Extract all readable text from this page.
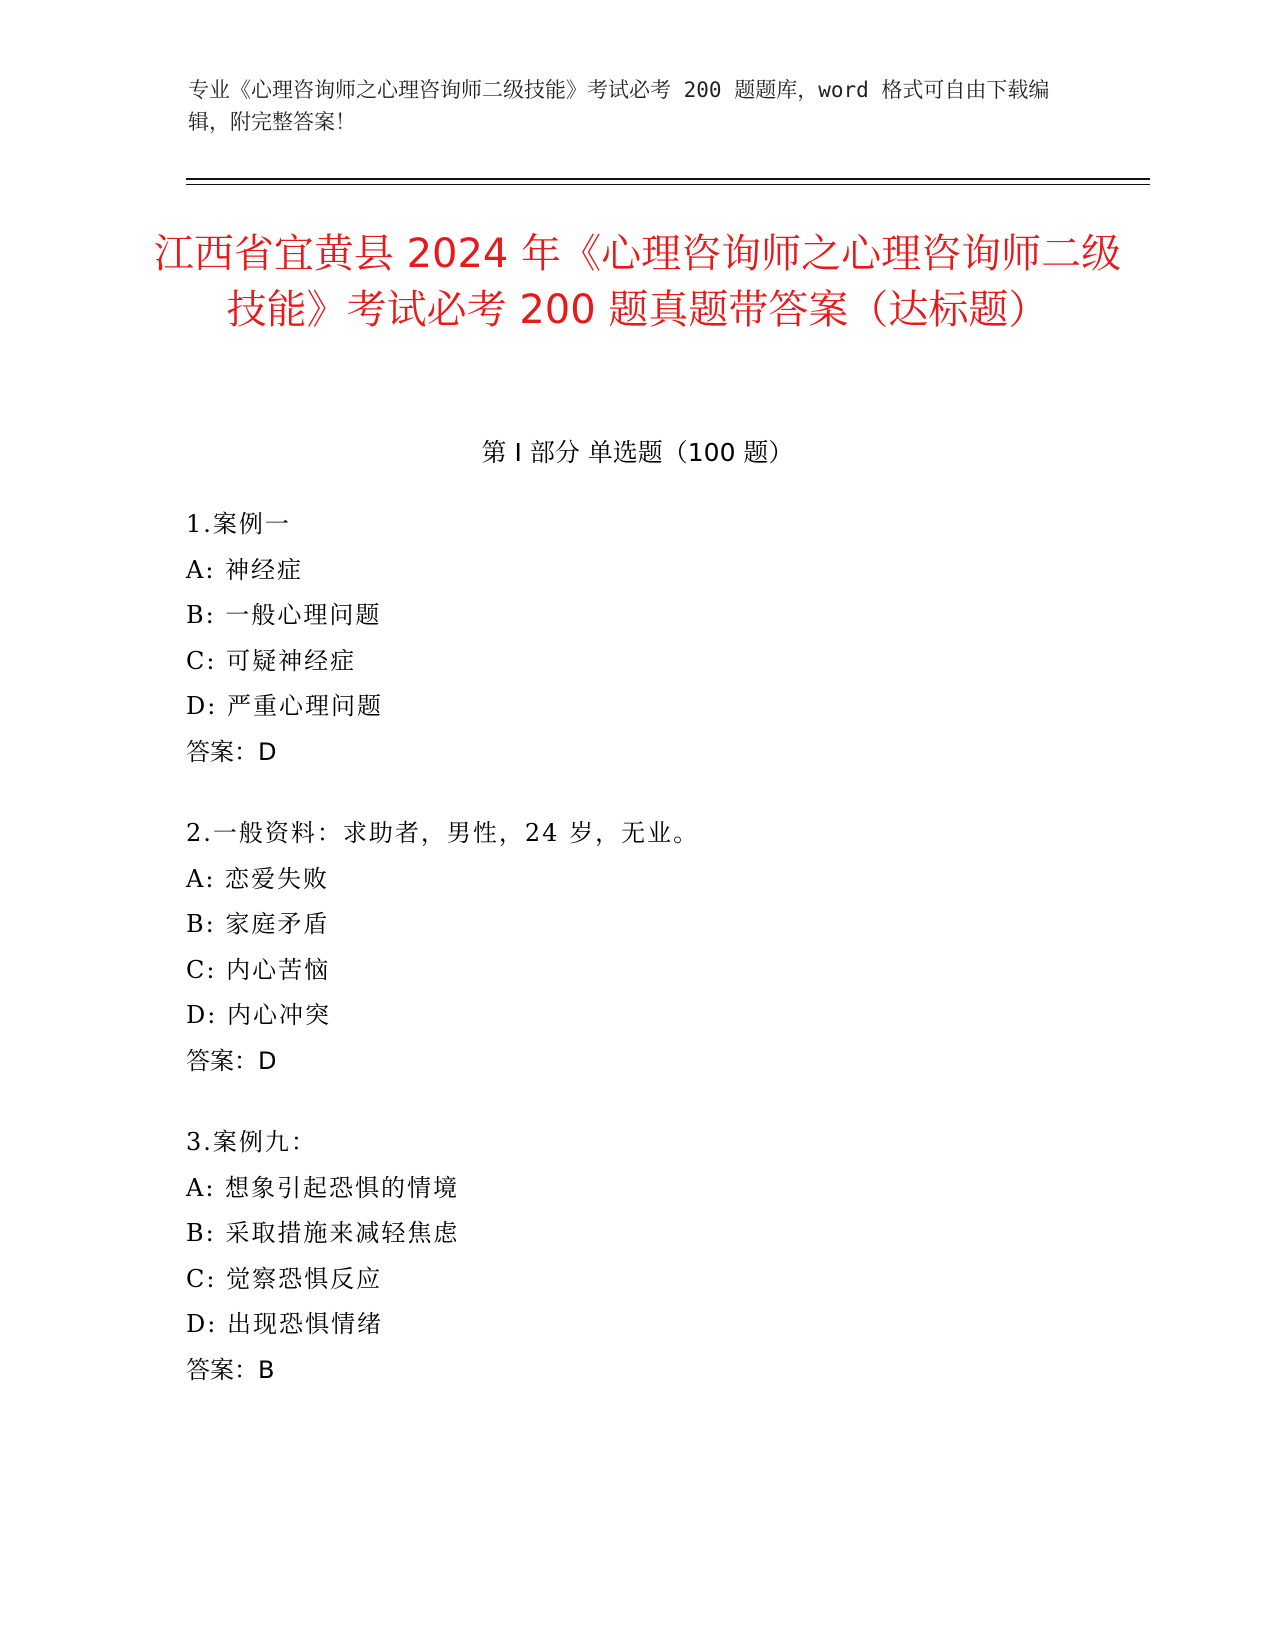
专业《心理咨询师之心理咨询师二级技能》考试必考 200 题题库，word 格式可自由下载编辑，附完整答案！
江西省宜黄县 2024 年《心理咨询师之心理咨询师二级技能》考试必考 200 题真题带答案（达标题）
第 I 部分 单选题（100 题）
1.案例一
A: 神经症
B: 一般心理问题
C: 可疑神经症
D: 严重心理问题
答案：D
2.一般资料：求助者，男性，24 岁，无业。
A: 恋爱失败
B: 家庭矛盾
C: 内心苦恼
D: 内心冲突
答案：D
3.案例九：
A: 想象引起恐惧的情境
B: 采取措施来减轻焦虑
C: 觉察恐惧反应
D: 出现恐惧情绪
答案：B
